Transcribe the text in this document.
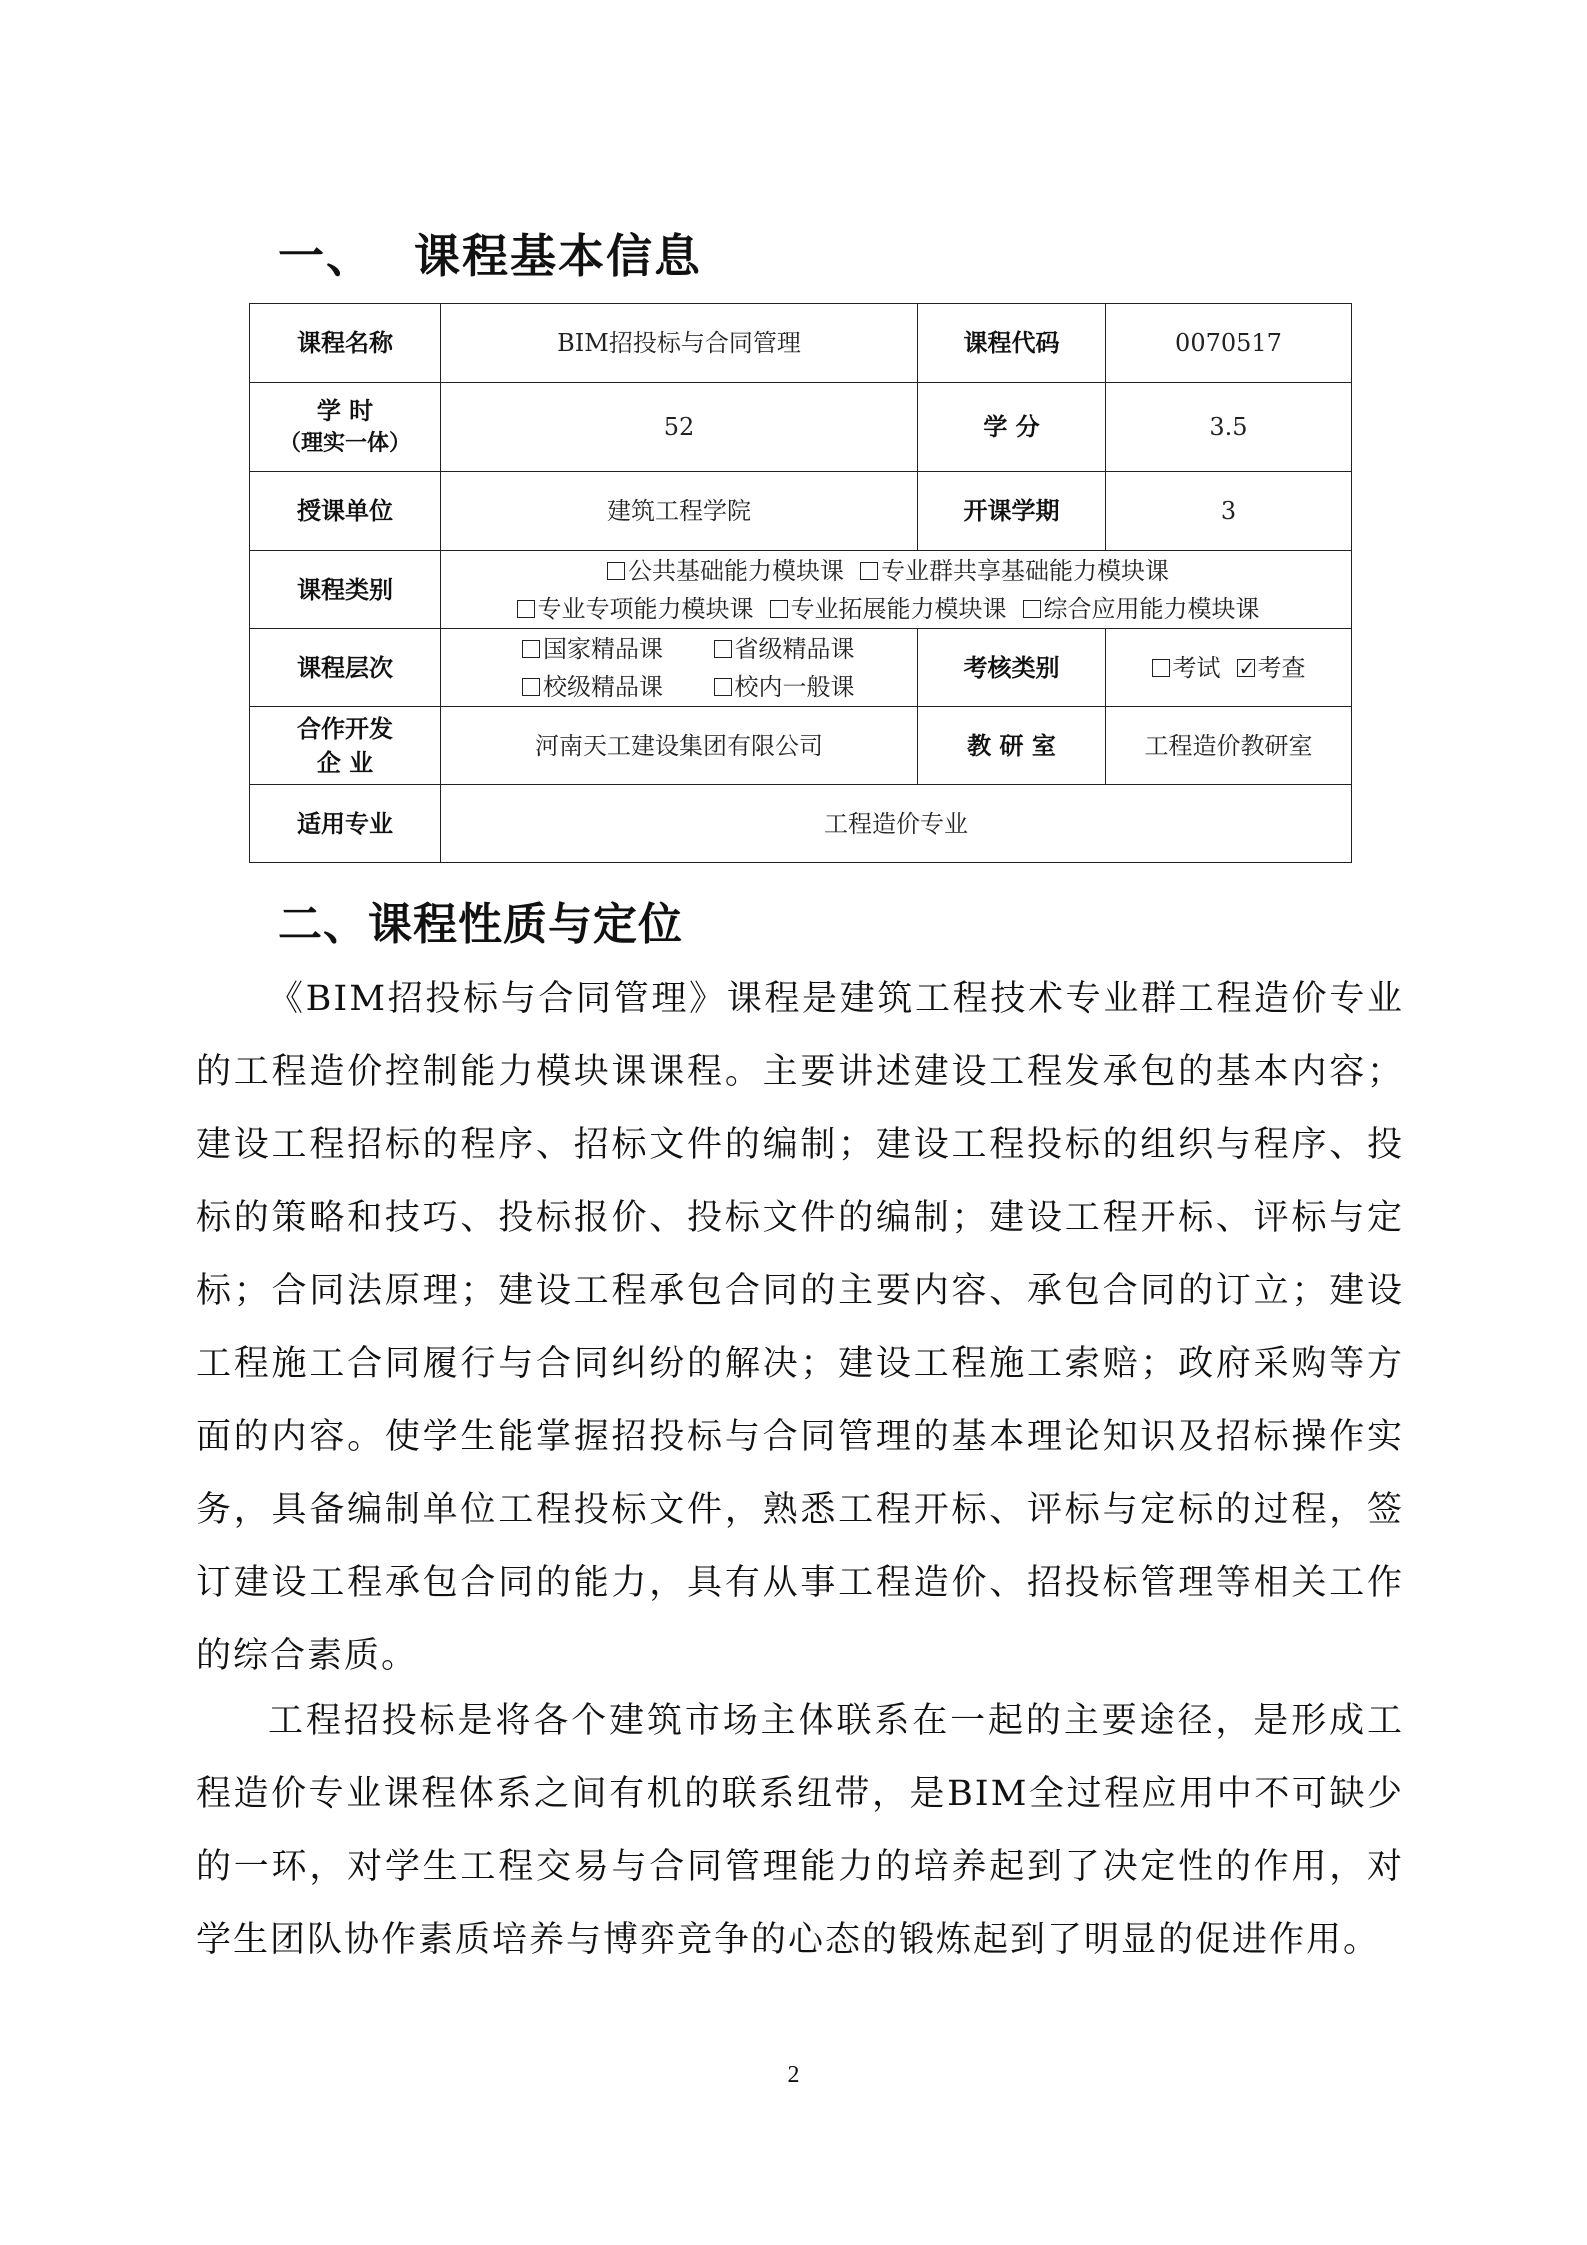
一、 课程基本信息
课程名称	BIM招投标与合同管理	课程代码	0070517

学 时
（理实一体）	52	学 分	3.5
授课单位	建筑工程学院	开课学期	3
课程类别	公共基础能力模块课 专业群共享基础能力模块课
专业专项能力模块课 专业拓展能力模块课 综合应用能力模块课		

课程层次	国家精品课 省级精品课
校级精品课 校内一般课	考核类别	考试 ✓ 考查

合作开发
企 业	河南天工建设集团有限公司	教 研 室	工程造价教研室
适用专业	工程造价专业		
二、课程性质与定位
《BIM招投标与合同管理》课程是建筑工程技术专业群工程造价专业的工程造价控制能力模块课课程。主要讲述建设工程发承包的基本内容；建设工程招标的程序、招标文件的编制；建设工程投标的组织与程序、投标的策略和技巧、投标报价、投标文件的编制；建设工程开标、评标与定标；合同法原理；建设工程承包合同的主要内容、承包合同的订立；建设工程施工合同履行与合同纠纷的解决；建设工程施工索赔；政府采购等方面的内容。使学生能掌握招投标与合同管理的基本理论知识及招标操作实务，具备编制单位工程投标文件，熟悉工程开标、评标与定标的过程，签订建设工程承包合同的能力，具有从事工程造价、招投标管理等相关工作的综合素质。
工程招投标是将各个建筑市场主体联系在一起的主要途径，是形成工程造价专业课程体系之间有机的联系纽带，是BIM全过程应用中不可缺少的一环，对学生工程交易与合同管理能力的培养起到了决定性的作用，对学生团队协作素质培养与博弈竞争的心态的锻炼起到了明显的促进作用。
2
